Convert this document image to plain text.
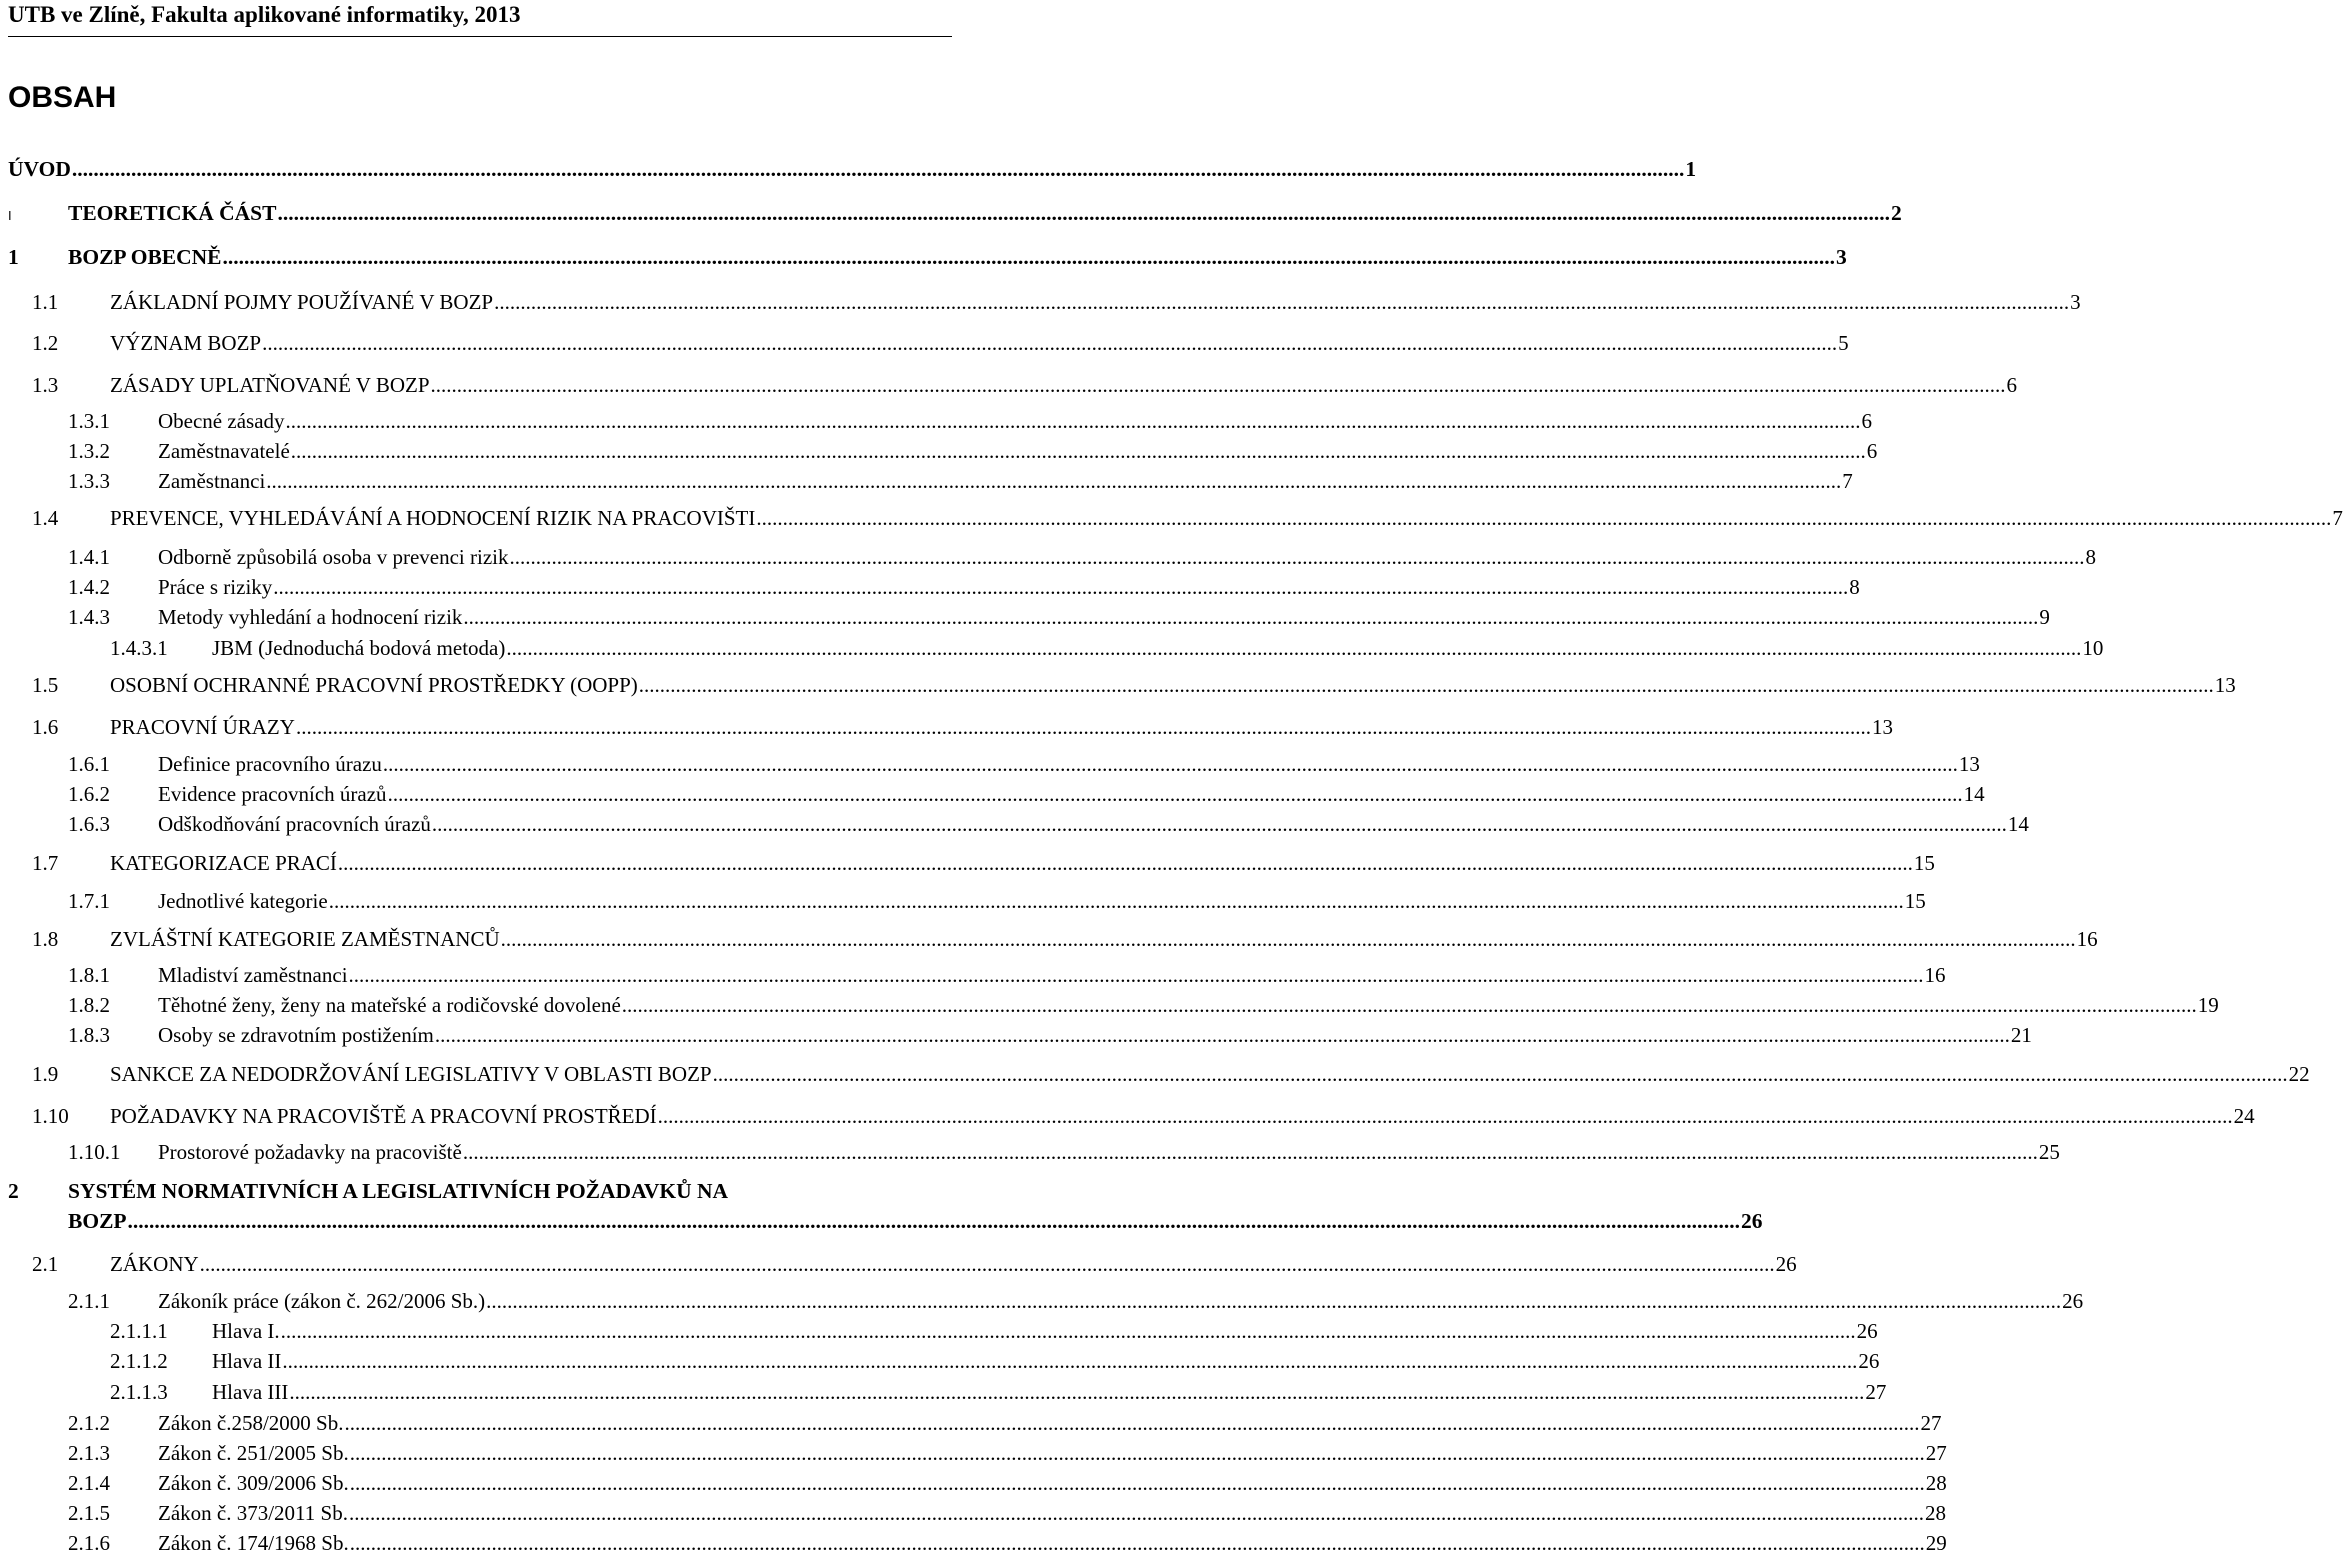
UTB ve Zlíně, Fakulta aplikované informatiky, 2013
OBSAH
ÚVOD ............................................................................................................................................................................................................................................................................................................ 1
I	TEORETICKÁ ČÁST ............................................................................................................................................................................................................................................................................................................ 2
1	BOZP OBECNĚ ............................................................................................................................................................................................................................................................................................................ 3
1.1	ZÁKLADNÍ POJMY POUŽÍVANÉ V BOZP ............................................................................................................................................................................................................................................................................................................ 3
1.2	VÝZNAM BOZP ............................................................................................................................................................................................................................................................................................................ 5
1.3	ZÁSADY UPLATŇOVANÉ V BOZP ............................................................................................................................................................................................................................................................................................................ 6
1.3.1	Obecné zásady ............................................................................................................................................................................................................................................................................................................ 6
1.3.2	Zaměstnavatelé ............................................................................................................................................................................................................................................................................................................ 6
1.3.3	Zaměstnanci ............................................................................................................................................................................................................................................................................................................ 7
1.4	PREVENCE, VYHLEDÁVÁNÍ A HODNOCENÍ RIZIK NA PRACOVIŠTI ............................................................................................................................................................................................................................................................................................................ 7
1.4.1	Odborně způsobilá osoba v prevenci rizik ............................................................................................................................................................................................................................................................................................................ 8
1.4.2	Práce s riziky ............................................................................................................................................................................................................................................................................................................ 8
1.4.3	Metody vyhledání a hodnocení rizik ............................................................................................................................................................................................................................................................................................................ 9
1.4.3.1	JBM (Jednoduchá bodová metoda) ............................................................................................................................................................................................................................................................................................................ 10
1.5	OSOBNÍ OCHRANNÉ PRACOVNÍ PROSTŘEDKY (OOPP) ............................................................................................................................................................................................................................................................................................................ 13
1.6	PRACOVNÍ ÚRAZY ............................................................................................................................................................................................................................................................................................................ 13
1.6.1	Definice pracovního úrazu ............................................................................................................................................................................................................................................................................................................ 13
1.6.2	Evidence pracovních úrazů ............................................................................................................................................................................................................................................................................................................ 14
1.6.3	Odškodňování pracovních úrazů ............................................................................................................................................................................................................................................................................................................ 14
1.7	KATEGORIZACE PRACÍ ............................................................................................................................................................................................................................................................................................................ 15
1.7.1	Jednotlivé kategorie ............................................................................................................................................................................................................................................................................................................ 15
1.8	ZVLÁŠTNÍ KATEGORIE ZAMĚSTNANCŮ ............................................................................................................................................................................................................................................................................................................ 16
1.8.1	Mladiství zaměstnanci ............................................................................................................................................................................................................................................................................................................ 16
1.8.2	Těhotné ženy, ženy na mateřské a rodičovské dovolené ............................................................................................................................................................................................................................................................................................................ 19
1.8.3	Osoby se zdravotním postižením ............................................................................................................................................................................................................................................................................................................ 21
1.9	SANKCE ZA NEDODRŽOVÁNÍ LEGISLATIVY V OBLASTI BOZP ............................................................................................................................................................................................................................................................................................................ 22
1.10	POŽADAVKY NA PRACOVIŠTĚ A PRACOVNÍ PROSTŘEDÍ ............................................................................................................................................................................................................................................................................................................ 24
1.10.1	Prostorové požadavky na pracoviště ............................................................................................................................................................................................................................................................................................................ 25
2 SYSTÉM NORMATIVNÍCH A LEGISLATIVNÍCH POŽADAVKŮ NA
BOZP ............................................................................................................................................................................................................................................................................................................ 26
2.1	ZÁKONY ............................................................................................................................................................................................................................................................................................................ 26
2.1.1	Zákoník práce (zákon č. 262/2006 Sb.) ............................................................................................................................................................................................................................................................................................................ 26
2.1.1.1	Hlava I. ............................................................................................................................................................................................................................................................................................................ 26
2.1.1.2	Hlava II ............................................................................................................................................................................................................................................................................................................ 26
2.1.1.3	Hlava III ............................................................................................................................................................................................................................................................................................................ 27
2.1.2	Zákon č.258/2000 Sb. ............................................................................................................................................................................................................................................................................................................ 27
2.1.3	Zákon č. 251/2005 Sb. ............................................................................................................................................................................................................................................................................................................ 27
2.1.4	Zákon č. 309/2006 Sb. ............................................................................................................................................................................................................................................................................................................ 28
2.1.5	Zákon č. 373/2011 Sb. ............................................................................................................................................................................................................................................................................................................ 28
2.1.6	Zákon č. 174/1968 Sb. ............................................................................................................................................................................................................................................................................................................ 29
